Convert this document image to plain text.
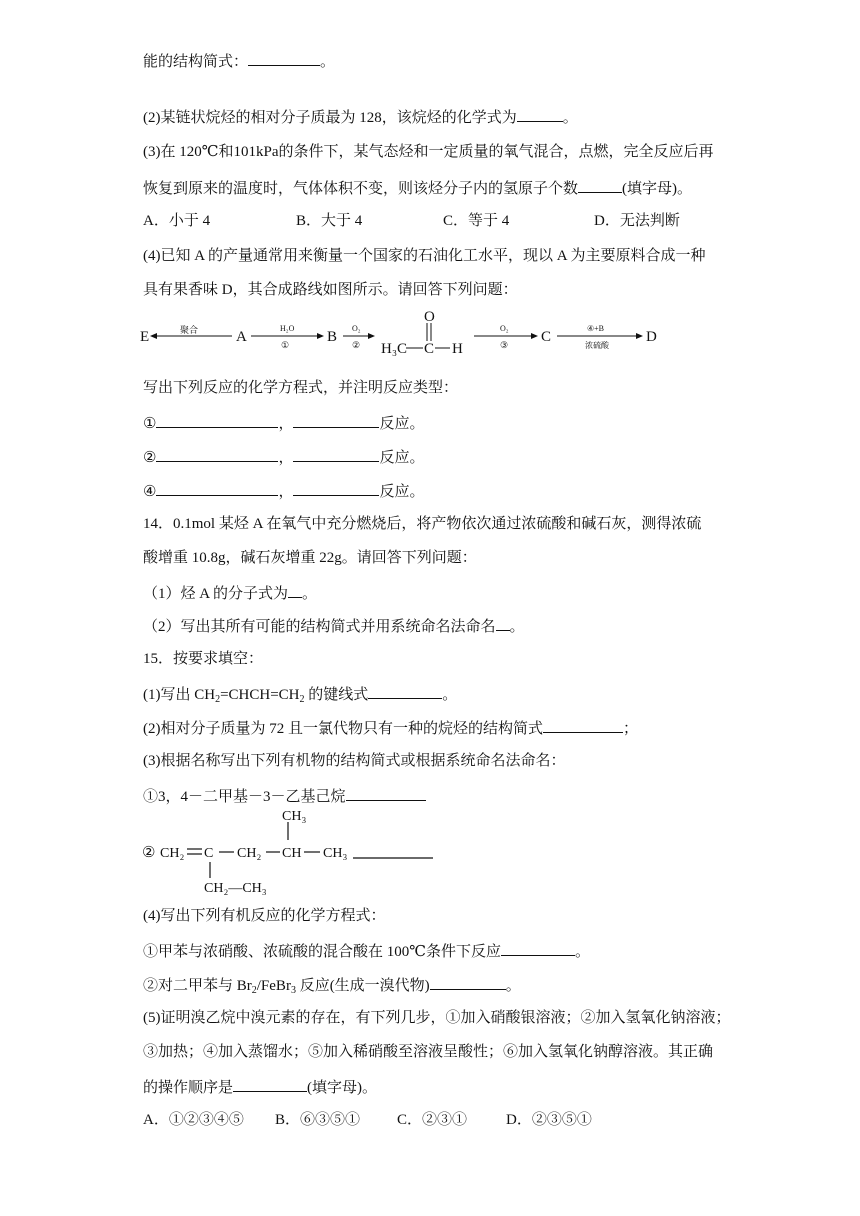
能的结构简式：	。
(2)某链状烷烃的相对分子质最为 128，该烷烃的化学式为	。
(3)在 120℃和101kPa的条件下，某气态烃和一定质量的氧气混合，点燃，完全反应后再
恢复到原来的温度时，气体体积不变，则该烃分子内的氢原子个数	(填字母)。
A．小于 4	B．大于 4	C．等于 4	D．无法判断
(4)已知 A 的产量通常用来衡量一个国家的石油化工水平，现以 A 为主要原料合成一种
具有果香味 D，其合成路线如图所示。请回答下列问题：
E	聚合	A
H₂O
①	B
O₂
②
O
H₃C C H
O₂
③ C
④+B
浓硫酸
D
写出下列反应的化学方程式，并注明反应类型：
①	，	反应。
②	，	反应。
④	，	反应。
14．0.1mol 某烃 A 在氧气中充分燃烧后，将产物依次通过浓硫酸和碱石灰，测得浓硫
酸增重 10.8g，碱石灰增重 22g。请回答下列问题：
（1）烃 A 的分子式为 。
（2）写出其所有可能的结构简式并用系统命名法命名 。
15．按要求填空：
(1)写出 $CH_2=CHCH=CH_2$ 的键线式	。
(2)相对分子质量为 72 且一氯代物只有一种的烷烃的结构简式	；
(3)根据名称写出下列有机物的结构简式或根据系统命名法命名：
①3，4－二甲基－3－乙基己烷
CH₃
② CH₂ C CH₂ CH CH₃
CH₂—CH₃
(4)写出下列有机反应的化学方程式：
①甲苯与浓硝酸、浓硫酸的混合酸在 100℃条件下反应	。
②对二甲苯与 $Br_2/FeBr_3$ 反应(生成一溴代物)	。
(5)证明溴乙烷中溴元素的存在，有下列几步，①加入硝酸银溶液；②加入氢氧化钠溶液；
③加热；④加入蒸馏水；⑤加入稀硝酸至溶液呈酸性；⑥加入氢氧化钠醇溶液。其正确
的操作顺序是	(填字母)。
A．①②③④⑤ B．⑥③⑤① C．②③①	D．②③⑤①
